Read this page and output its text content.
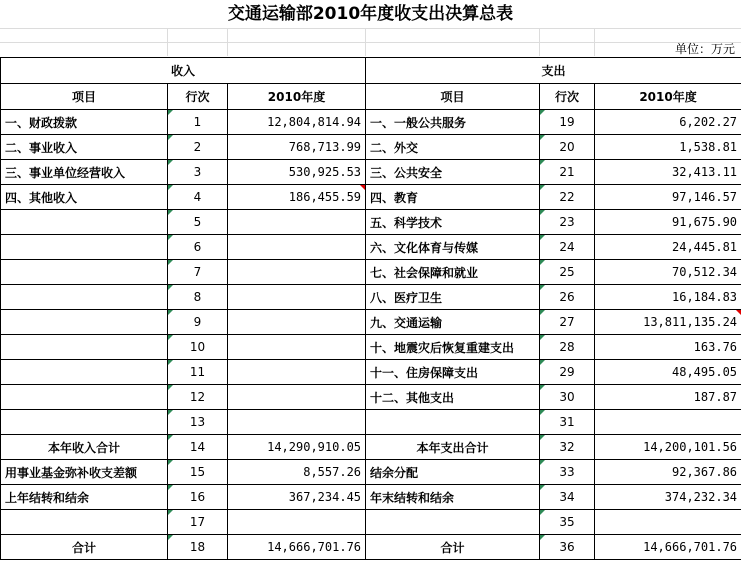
交通运输部2010年度收支出决算总表
单位：万元
收入			支出		
项目	行次	2010年度	项目	行次	2010年度
一、财政拨款	1	12,804,814.94	一、一般公共服务	19	6,202.27
二、事业收入	2	768,713.99	二、外交	20	1,538.81
三、事业单位经营收入	3	530,925.53	三、公共安全	21	32,413.11
四、其他收入	4	186,455.59	四、教育	22	97,146.57
	5		五、科学技术	23	91,675.90
	6		六、文化体育与传媒	24	24,445.81
	7		七、社会保障和就业	25	70,512.34
	8		八、医疗卫生	26	16,184.83
	9		九、交通运输	27	13,811,135.24
	10		十、地震灾后恢复重建支出	28	163.76
	11		十一、住房保障支出	29	48,495.05
	12		十二、其他支出	30	187.87
	13			31	
本年收入合计	14	14,290,910.05	本年支出合计	32	14,200,101.56
用事业基金弥补收支差额	15	8,557.26	结余分配	33	92,367.86
上年结转和结余	16	367,234.45	年末结转和结余	34	374,232.34
	17			35	
合计	18	14,666,701.76	合计	36	14,666,701.76
